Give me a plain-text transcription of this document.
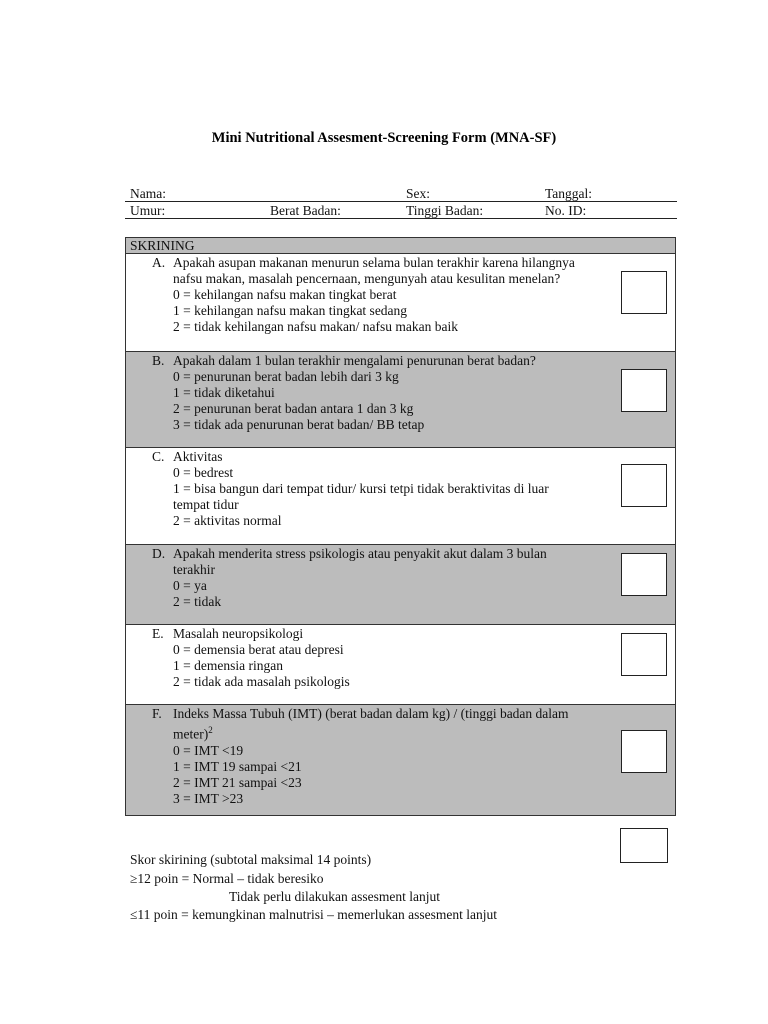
Mini Nutritional Assesment-Screening Form (MNA-SF)
Nama:	Sex:	Tanggal:
Umur:	Berat Badan:	Tinggi Badan:	No. ID:
SKRINING
A. Apakah asupan makanan menurun selama bulan terakhir karena hilangnya
nafsu makan, masalah pencernaan, mengunyah atau kesulitan menelan?
0 = kehilangan nafsu makan tingkat berat
1 = kehilangan nafsu makan tingkat sedang
2 = tidak kehilangan nafsu makan/ nafsu makan baik
B. Apakah dalam 1 bulan terakhir mengalami penurunan berat badan?
0 = penurunan berat badan lebih dari 3 kg
1 = tidak diketahui
2 = penurunan berat badan antara 1 dan 3 kg
3 = tidak ada penurunan berat badan/ BB tetap
C. Aktivitas
0 = bedrest
1 = bisa bangun dari tempat tidur/ kursi tetpi tidak beraktivitas di luar
tempat tidur
2 = aktivitas normal
D. Apakah menderita stress psikologis atau penyakit akut dalam 3 bulan
terakhir
0 = ya
2 = tidak
E. Masalah neuropsikologi
0 = demensia berat atau depresi
1 = demensia ringan
2 = tidak ada masalah psikologis
F. Indeks Massa Tubuh (IMT) (berat badan dalam kg) / (tinggi badan dalam
meter)$^2$
0 = IMT <19
1 = IMT 19 sampai <21
2 = IMT 21 sampai <23
3 = IMT >23
Skor skirining (subtotal maksimal 14 points)
≥12 poin = Normal – tidak beresiko
Tidak perlu dilakukan assesment lanjut
≤11 poin = kemungkinan malnutrisi – memerlukan assesment lanjut
